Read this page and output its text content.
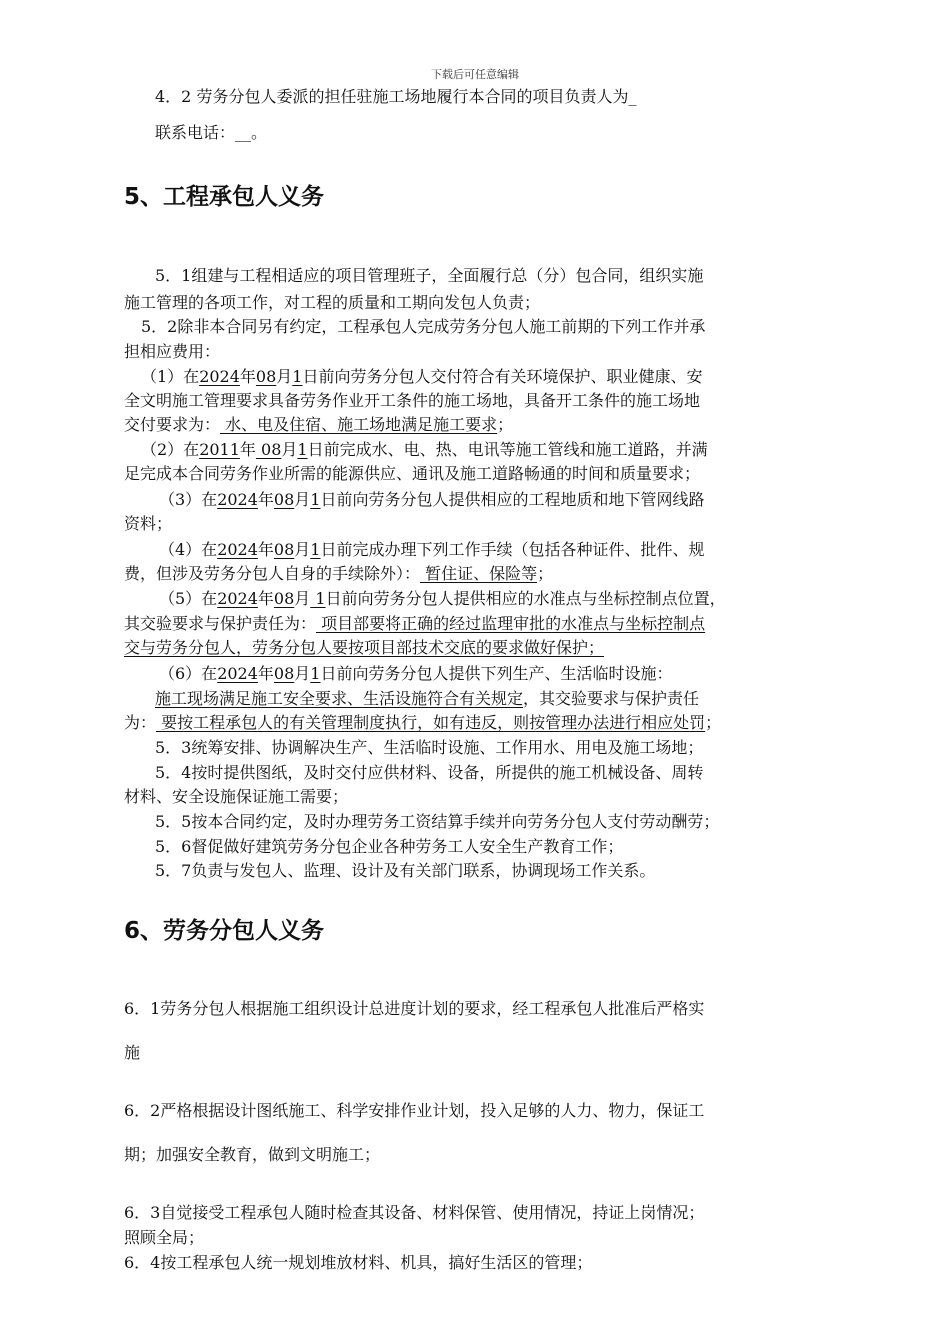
下载后可任意编辑
4．2 劳务分包人委派的担任驻施工场地履行本合同的项目负责人为_
联系电话：__。
5、工程承包人义务
5．1组建与工程相适应的项目管理班子，全面履行总（分）包合同，组织实施
施工管理的各项工作，对工程的质量和工期向发包人负责；
5．2除非本合同另有约定，工程承包人完成劳务分包人施工前期的下列工作并承
担相应费用：
（1）在2024年08月1日前向劳务分包人交付符合有关环境保护、职业健康、安
全文明施工管理要求具备劳务作业开工条件的施工场地，具备开工条件的施工场地
交付要求为： 水、电及住宿、施工场地满足施工要求；
（2）在2011年 08月1日前完成水、电、热、电讯等施工管线和施工道路，并满
足完成本合同劳务作业所需的能源供应、通讯及施工道路畅通的时间和质量要求；
（3）在2024年08月1日前向劳务分包人提供相应的工程地质和地下管网线路
资料；
（4）在2024年08月1日前完成办理下列工作手续（包括各种证件、批件、规
费，但涉及劳务分包人自身的手续除外）： 暂住证、保险等；
（5）在2024年08月 1日前向劳务分包人提供相应的水准点与坐标控制点位置，
其交验要求与保护责任为： 项目部要将正确的经过监理审批的水准点与坐标控制点
交与劳务分包人，劳务分包人要按项目部技术交底的要求做好保护；
（6）在2024年08月1日前向劳务分包人提供下列生产、生活临时设施：
施工现场满足施工安全要求、生活设施符合有关规定，其交验要求与保护责任
为： 要按工程承包人的有关管理制度执行，如有违反，则按管理办法进行相应处罚；
5．3统筹安排、协调解决生产、生活临时设施、工作用水、用电及施工场地；
5．4按时提供图纸，及时交付应供材料、设备，所提供的施工机械设备、周转
材料、安全设施保证施工需要；
5．5按本合同约定，及时办理劳务工资结算手续并向劳务分包人支付劳动酬劳；
5．6督促做好建筑劳务分包企业各种劳务工人安全生产教育工作；
5．7负责与发包人、监理、设计及有关部门联系，协调现场工作关系。
6、劳务分包人义务
6．1劳务分包人根据施工组织设计总进度计划的要求，经工程承包人批准后严格实
施
6．2严格根据设计图纸施工、科学安排作业计划，投入足够的人力、物力，保证工
期；加强安全教育，做到文明施工；
6．3自觉接受工程承包人随时检查其设备、材料保管、使用情况，持证上岗情况；
照顾全局；
6．4按工程承包人统一规划堆放材料、机具，搞好生活区的管理；
